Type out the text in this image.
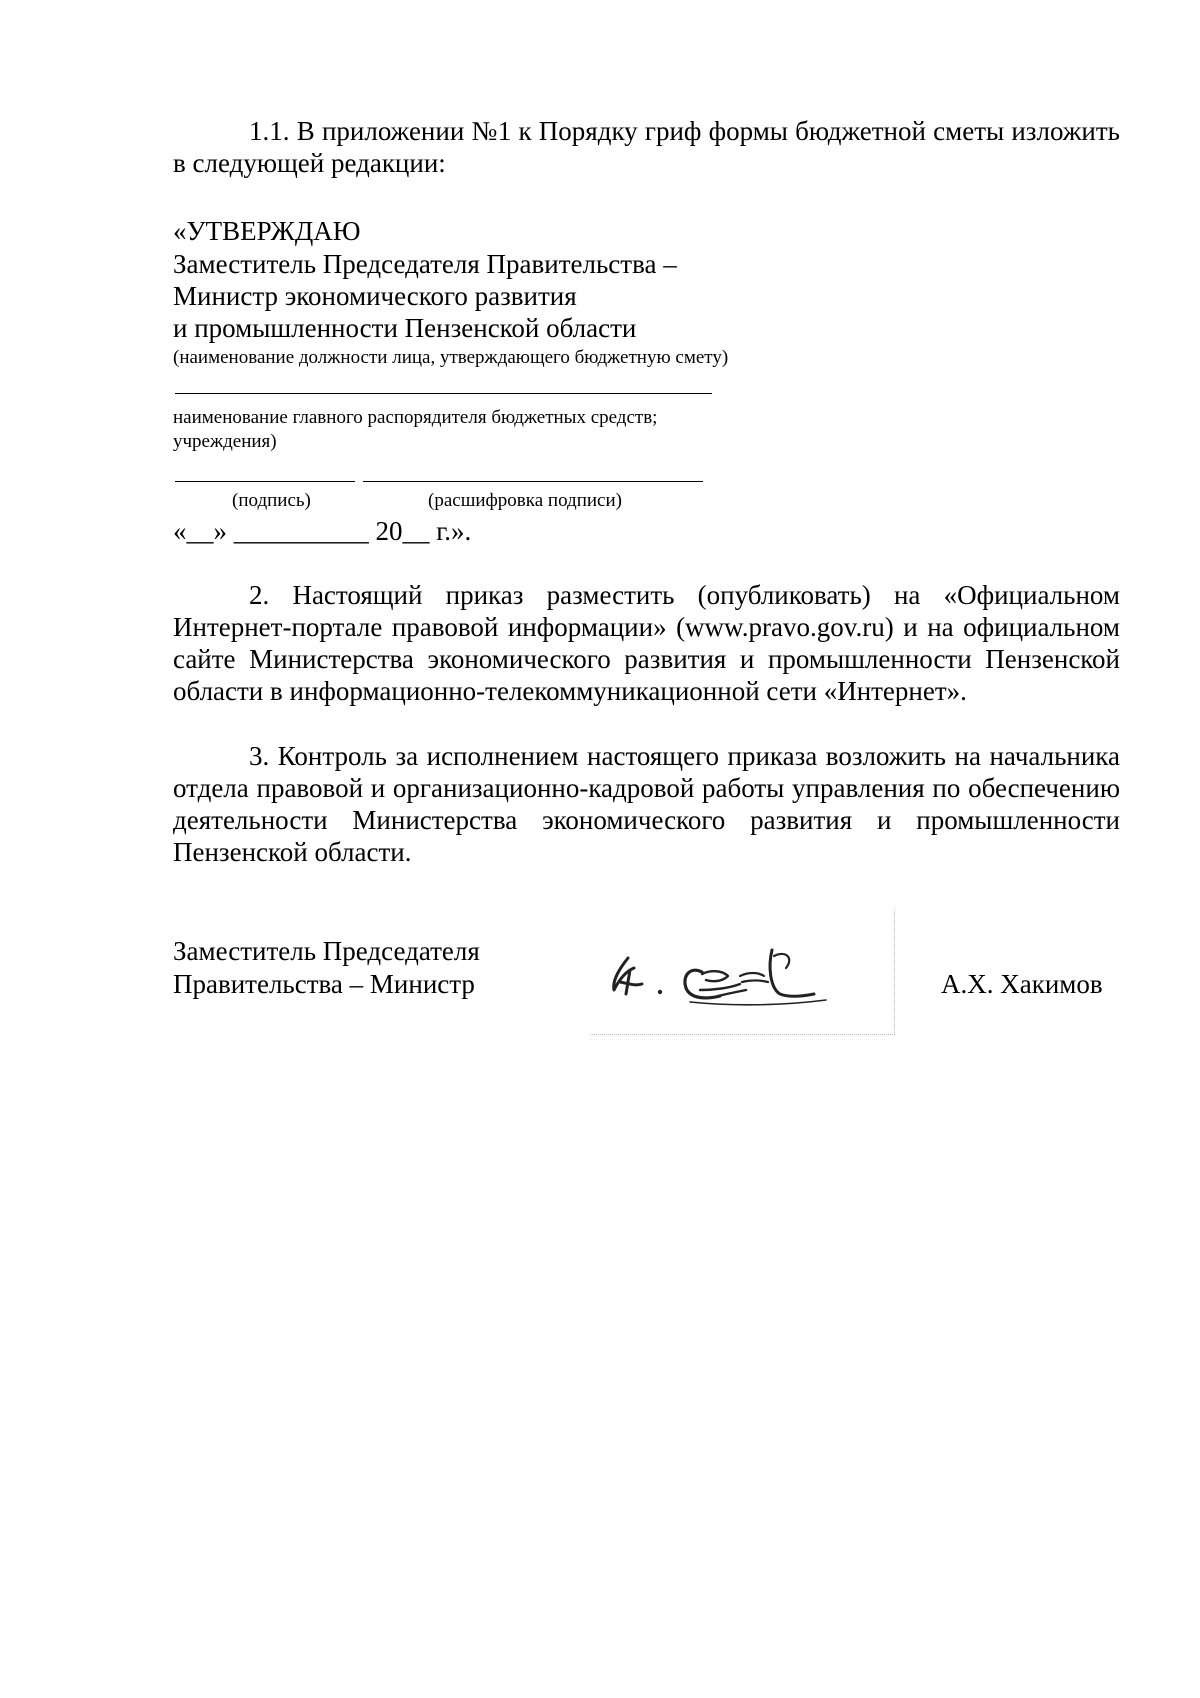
1.1. В приложении №1 к Порядку гриф формы бюджетной сметы изложить в следующей редакции:

«УТВЕРЖДАЮ

Заместитель Председателя Правительства –

Министр экономического развития

и промышленности Пензенской области

(наименование должности лица, утверждающего бюджетную смету)

наименование главного распорядителя бюджетных средств;

учреждения)

(подпись)	(расшифровка подписи)

«__» __________ 20__ г.».

2. Настоящий приказ разместить (опубликовать) на «Официальном Интернет-портале правовой информации» (www.pravo.gov.ru) и на официальном сайте Министерства экономического развития и промышленности Пензенской области в информационно-телекоммуникационной сети «Интернет».

3. Контроль за исполнением настоящего приказа возложить на начальника отдела правовой и организационно-кадровой работы управления по обеспечению деятельности Министерства экономического развития и промышленности Пензенской области.

Заместитель Председателя

Правительства – Министр	А.Х. Хакимов
